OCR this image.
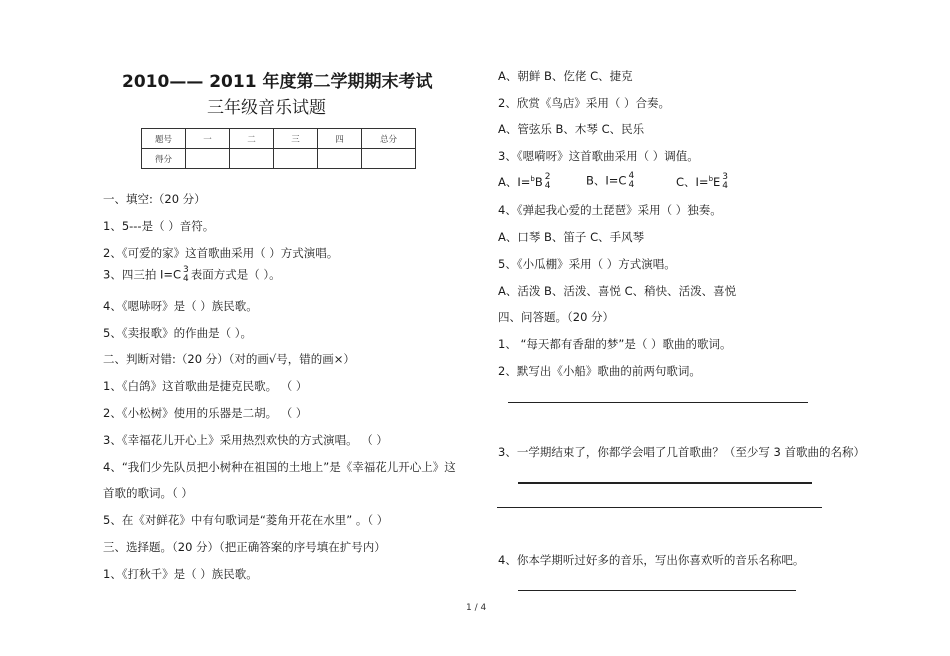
2010—— 2011 年度第二学期期末考试
三年级音乐试题
题号	一	二	三	四	总分
得分					
一、填空:（20 分）
1、5---是（ ）音符。
2、《可爱的家》这首歌曲采用（ ）方式演唱。
3、四三拍 I=C 3
4 表面方式是（ ）。
4、《嗯哧呀》是（ ）族民歌。
5、《卖报歌》的作曲是（ ）。
二、判断对错:（20 分）（对的画√号，错的画×）
1、《白鸽》这首歌曲是捷克民歌。 （ ）
2、《小松树》使用的乐器是二胡。 （ ）
3、《幸福花儿开心上》采用热烈欢快的方式演唱。 （ ）
4、“我们少先队员把小树种在祖国的土地上”是《幸福花儿开心上》这
首歌的歌词。（ ）
5、在《对鲜花》中有句歌词是“菱角开花在水里” 。（ ）
三、选择题。（20 分）（把正确答案的序号填在扩号内）
1、《打秋千》是（ ）族民歌。
A、朝鲜 B、仡佬 C、捷克
2、欣赏《鸟店》采用（ ）合奏。
A、管弦乐 B、木琴 C、民乐
3、《嗯嗬呀》这首歌曲采用（ ）调值。
A、I=$^b$B 2
4	B、I=C 4
4	C、I=$^b$E 3
4
4、《弹起我心爱的土琵琶》采用（ ）独奏。
A、口琴 B、笛子 C、手风琴
5、《小瓜棚》采用（ ）方式演唱。
A、活泼 B、活泼、喜悦 C、稍快、活泼、喜悦
四、问答题。（20 分）
1、 “每天都有香甜的梦”是（ ）歌曲的歌词。
2、默写出《小船》歌曲的前两句歌词。
3、一学期结束了，你都学会唱了几首歌曲？（至少写 3 首歌曲的名称）
4、你本学期听过好多的音乐，写出你喜欢听的音乐名称吧。
1 / 4
